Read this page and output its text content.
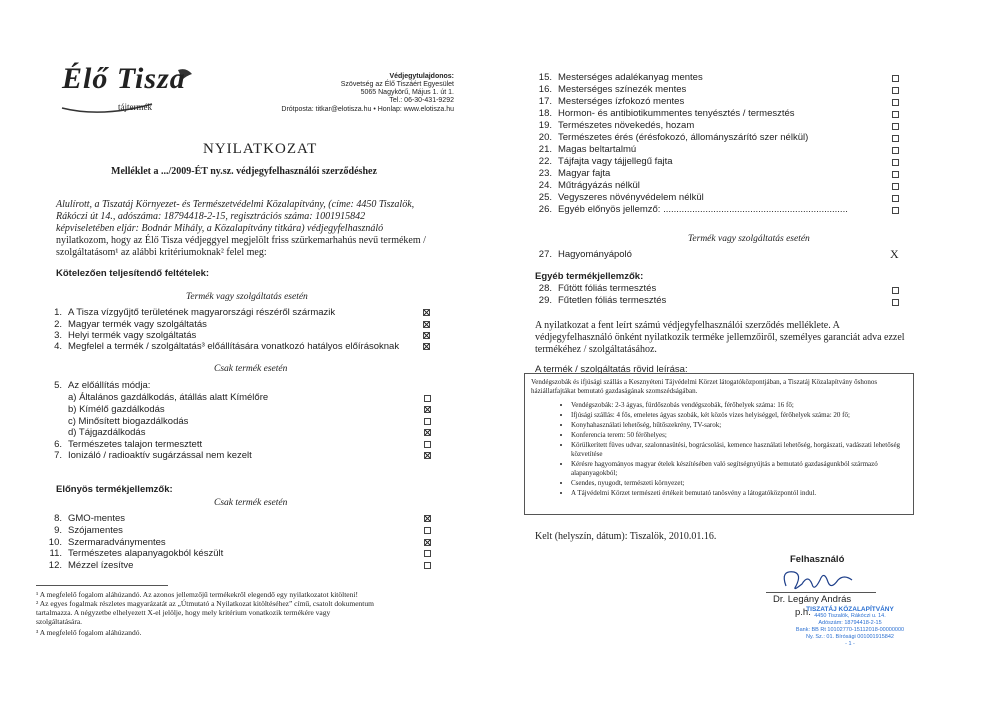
Élő Tisza
tájtermék
Védjegytulajdonos:
Szövetség az Élő Tiszáért Egyesület
5065 Nagykörű, Május 1. út 1.
Tel.: 06-30-431-9292
Drótposta: titkar@elotisza.hu • Honlap: www.elotisza.hu
NYILATKOZAT
Melléklet a .../2009-ÉT ny.sz. védjegyfelhasználói szerződéshez
Alulírott, a Tiszatáj Környezet- és Természetvédelmi Közalapítvány, (címe: 4450 Tiszalök,
Rákóczi út 14., adószáma: 18794418-2-15, regisztrációs száma: 1001915842
képviseletében eljár: Bodnár Mihály, a Közalapítvány titkára) védjegyfelhasználó
nyilatkozom, hogy az Élő Tisza védjeggyel megjelölt friss szürkemarhahús nevű termékem /
szolgáltatásom¹ az alábbi kritériumoknak² felel meg:
Kötelezően teljesítendő feltételek:
Termék vagy szolgáltatás esetén
1. A Tisza vízgyűjtő területének magyarországi részéről származik
2. Magyar termék vagy szolgáltatás
3. Helyi termék vagy szolgáltatás
4. Megfelel a termék / szolgáltatás³ előállítására vonatkozó hatályos előírásoknak
Csak termék esetén
5. Az előállítás módja:
a) Általános gazdálkodás, átállás alatt Kímélőre
b) Kímélő gazdálkodás
c) Minősített biogazdálkodás
d) Tájgazdálkodás
6. Természetes talajon termesztett
7. Ionizáló / radioaktív sugárzással nem kezelt
Előnyös termékjellemzők:
Csak termék esetén
8. GMO-mentes
9. Szójamentes
10. Szermaradványmentes
11. Természetes alapanyagokból készült
12. Mézzel ízesítve
¹ A megfelelő fogalom aláhúzandó. Az azonos jellemzőjű termékekről elegendő egy nyilatkozatot kitölteni!
² Az egyes fogalmak részletes magyarázatát az „Útmutató a Nyilatkozat kitöltéséhez” című, csatolt dokumentum
tartalmazza. A négyzetbe elhelyezett X-el jelölje, hogy mely kritérium vonatkozik termékére vagy
szolgáltatására.
³ A megfelelő fogalom aláhúzandó.
15. Mesterséges adalékanyag mentes
16. Mesterséges színezék mentes
17. Mesterséges ízfokozó mentes
18. Hormon- és antibiotikummentes tenyésztés / termesztés
19. Természetes növekedés, hozam
20. Természetes érés (érésfokozó, állományszárító szer nélkül)
21. Magas beltartalmú
22. Tájfajta vagy tájjellegű fajta
23. Magyar fajta
24. Műtrágyázás nélkül
25. Vegyszeres növényvédelem nélkül
26. Egyéb előnyös jellemző: ......................................................................
Termék vagy szolgáltatás esetén
27. Hagyományápoló	X
Egyéb termékjellemzők:
28. Fűtött fóliás termesztés
29. Fűtetlen fóliás termesztés
A nyilatkozat a fent leírt számú védjegyfelhasználói szerződés melléklete. A
védjegyfelhasználó önként nyilatkozik terméke jellemzőiről, személyes garanciát adva ezzel
termékéhez / szolgáltatásához.
A termék / szolgáltatás rövid leírása:
Vendégszobák és ifjúsági szállás a Kesznyéteni Tájvédelmi Körzet látogatóközpontjában, a Tiszatáj Közalapítvány őshonos háziállatfajtákat bemutató gazdaságának szomszédságában.
• Vendégszobák: 2-3 ágyas, fürdőszobás vendégszobák, férőhelyek száma: 16 fő;
• Ifjúsági szállás: 4 fős, emeletes ágyas szobák, két közös vizes helyiséggel, férőhelyek száma: 20 fő;
• Konyhahasználati lehetőség, hűtőszekrény, TV-sarok;
• Konferencia terem: 50 férőhelyes;
• Körülkerített füves udvar, szalonnasütési, bográcsolási, kemence használati lehetőség, horgászati, vadászati lehetőség közvetítése
• Kérésre hagyományos magyar ételek készítésében való segítségnyújtás a bemutató gazdaságunkból származó alapanyagokból;
• Csendes, nyugodt, természeti környezet;
• A Tájvédelmi Körzet természeti értékeit bemutató tanösvény a látogatóközpontól indul.
Kelt (helyszín, dátum): Tiszalök, 2010.01.16.
Felhasználó
Dr. Legány András
p.h.
TISZATÁJ KÖZALAPÍTVÁNY
4450 Tiszalök, Rákóczi u. 14.
Adószám: 18794418-2-15
Bank: BB Rt 10102770-15112018-00000000
Ny. Sz.: 01. Bírósági 001001915842
- 1 -
